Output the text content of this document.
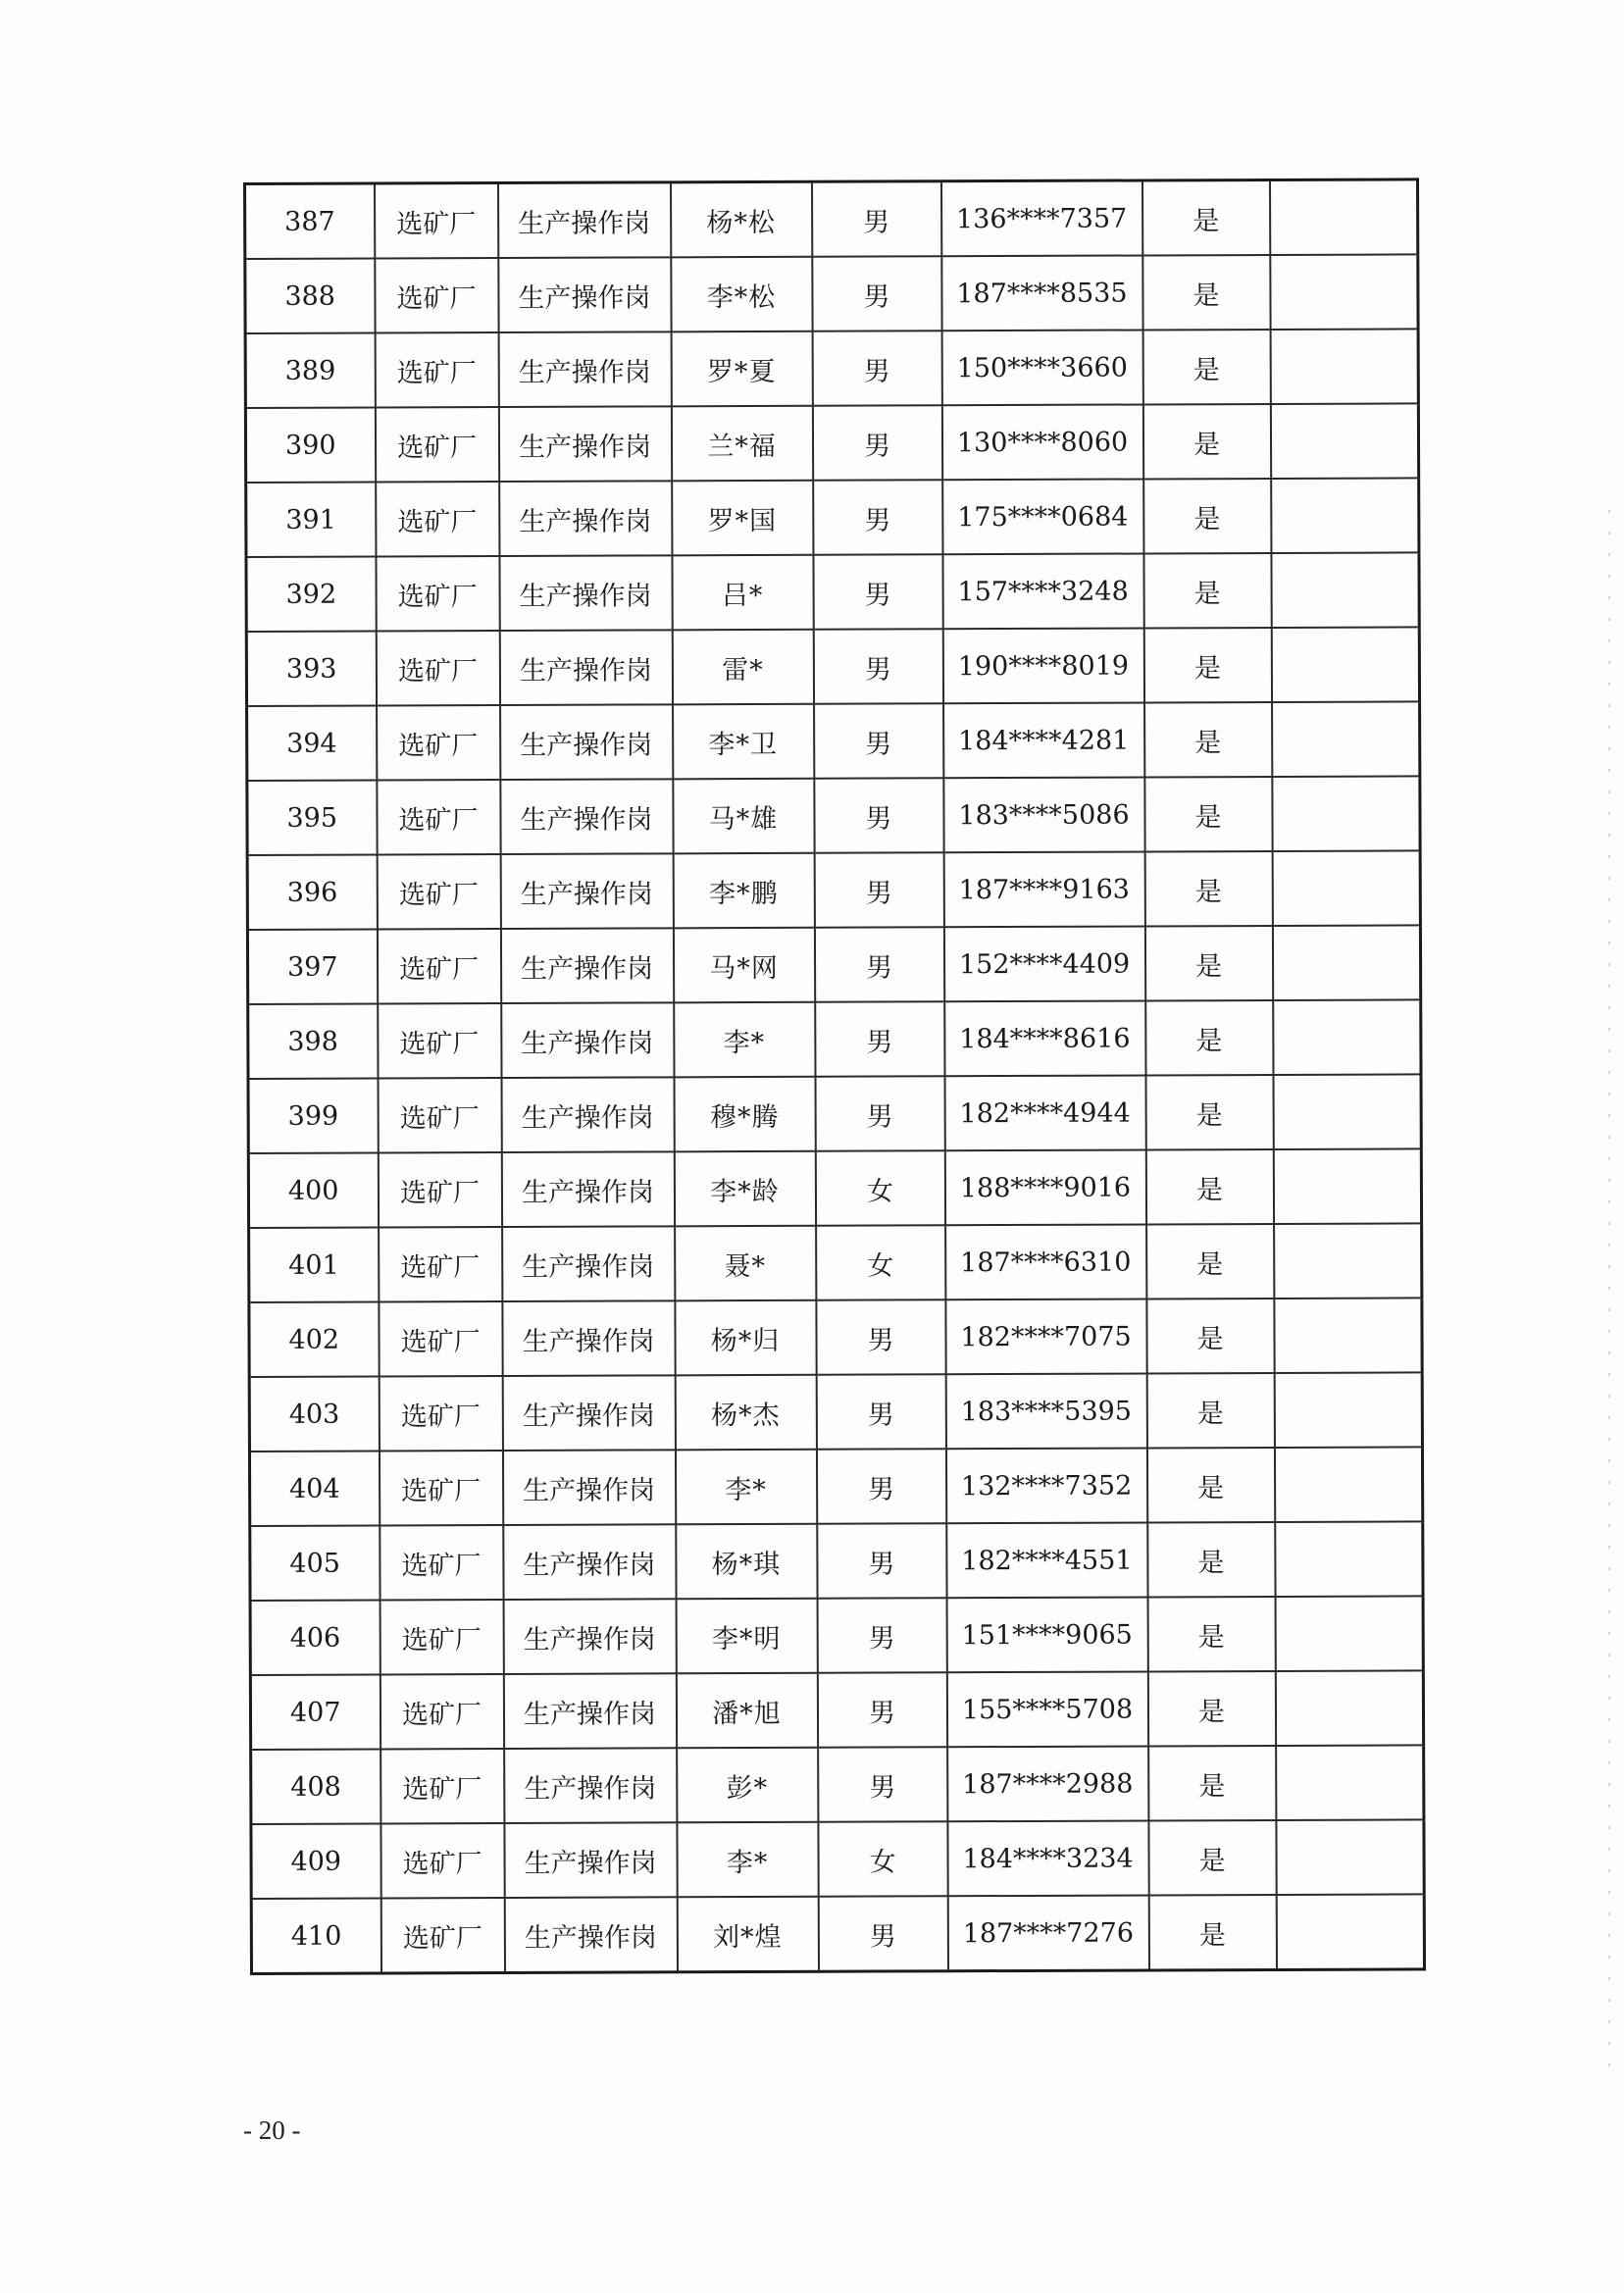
387	选矿厂	生产操作岗	杨*松	男	136****7357	是	
388	选矿厂	生产操作岗	李*松	男	187****8535	是	
389	选矿厂	生产操作岗	罗*夏	男	150****3660	是	
390	选矿厂	生产操作岗	兰*福	男	130****8060	是	
391	选矿厂	生产操作岗	罗*国	男	175****0684	是	
392	选矿厂	生产操作岗	吕*	男	157****3248	是	
393	选矿厂	生产操作岗	雷*	男	190****8019	是	
394	选矿厂	生产操作岗	李*卫	男	184****4281	是	
395	选矿厂	生产操作岗	马*雄	男	183****5086	是	
396	选矿厂	生产操作岗	李*鹏	男	187****9163	是	
397	选矿厂	生产操作岗	马*网	男	152****4409	是	
398	选矿厂	生产操作岗	李*	男	184****8616	是	
399	选矿厂	生产操作岗	穆*腾	男	182****4944	是	
400	选矿厂	生产操作岗	李*龄	女	188****9016	是	
401	选矿厂	生产操作岗	聂*	女	187****6310	是	
402	选矿厂	生产操作岗	杨*归	男	182****7075	是	
403	选矿厂	生产操作岗	杨*杰	男	183****5395	是	
404	选矿厂	生产操作岗	李*	男	132****7352	是	
405	选矿厂	生产操作岗	杨*琪	男	182****4551	是	
406	选矿厂	生产操作岗	李*明	男	151****9065	是	
407	选矿厂	生产操作岗	潘*旭	男	155****5708	是	
408	选矿厂	生产操作岗	彭*	男	187****2988	是	
409	选矿厂	生产操作岗	李*	女	184****3234	是	
410	选矿厂	生产操作岗	刘*煌	男	187****7276	是	
- 20 -
